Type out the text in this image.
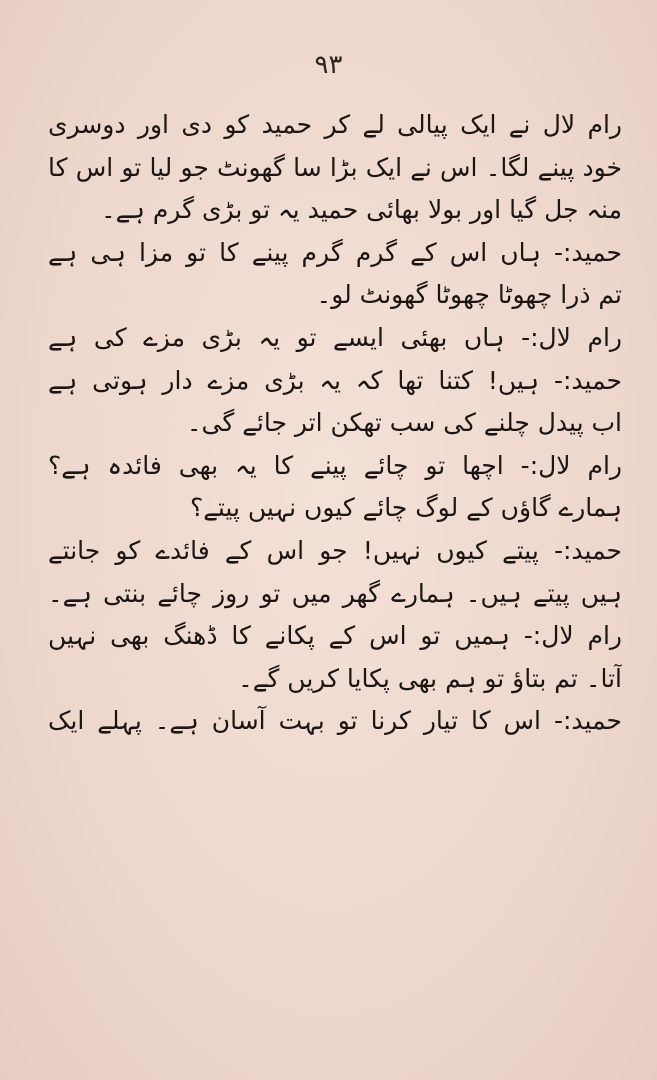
۹۳
رام لال نے ایک پیالی لے کر حمید کو دی اور دوسری
خود پینے لگا۔ اس نے ایک بڑا سا گھونٹ جو لیا تو اس کا
منہ جل گیا اور بولا بھائی حمید یہ تو بڑی گرم ہے۔
حمید:- ہاں اس کے گرم گرم پینے کا تو مزا ہی ہے
تم ذرا چھوٹا چھوٹا گھونٹ لو۔
رام لال:- ہاں بھئی ایسے تو یہ بڑی مزے کی ہے
حمید:- ہیں! کتنا تھا کہ یہ بڑی مزے دار ہوتی ہے
اب پیدل چلنے کی سب تھکن اتر جائے گی۔
رام لال:- اچھا تو چائے پینے کا یہ بھی فائدہ ہے؟
ہمارے گاؤں کے لوگ چائے کیوں نہیں پیتے؟
حمید:- پیتے کیوں نہیں! جو اس کے فائدے کو جانتے
ہیں پیتے ہیں۔ ہمارے گھر میں تو روز چائے بنتی ہے۔
رام لال:- ہمیں تو اس کے پکانے کا ڈھنگ بھی نہیں
آتا۔ تم بتاؤ تو ہم بھی پکایا کریں گے۔
حمید:- اس کا تیار کرنا تو بہت آسان ہے۔ پہلے ایک
